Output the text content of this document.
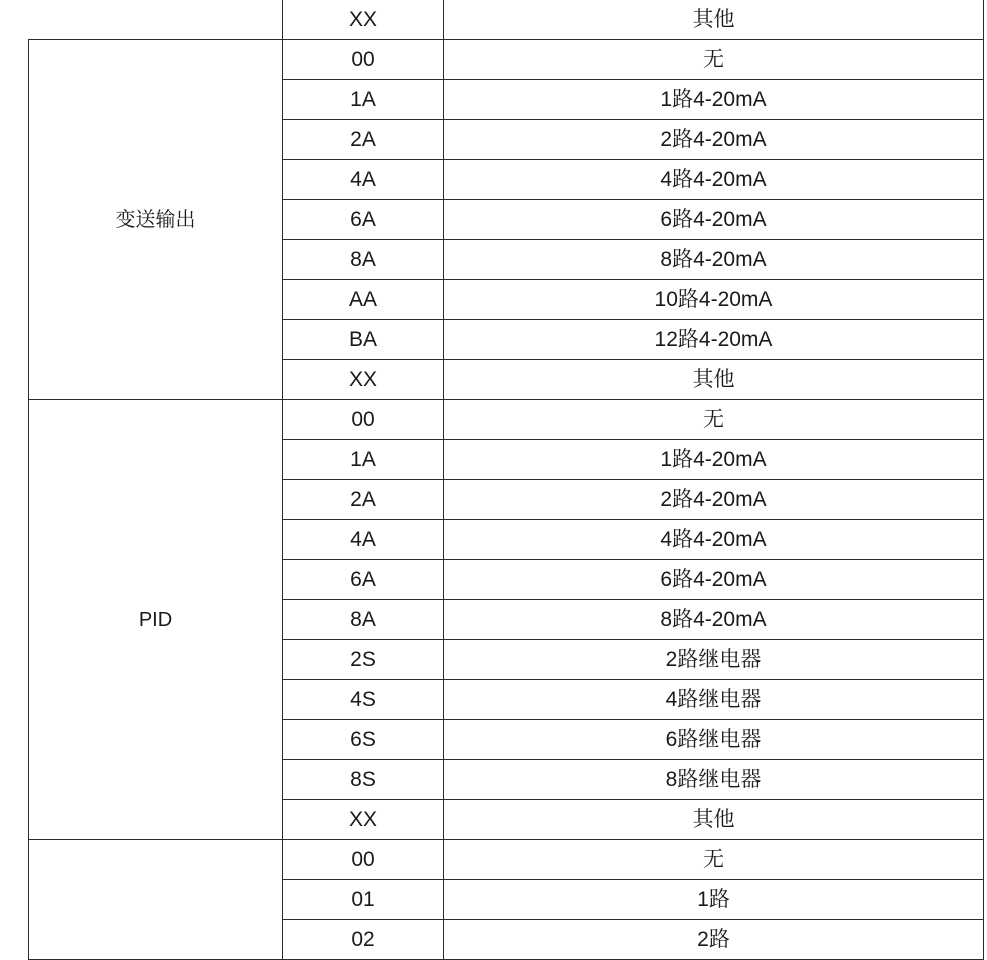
	XX	其他
变送输出	00	无
	1A	1路4-20mA
	2A	2路4-20mA
	4A	4路4-20mA
	6A	6路4-20mA
	8A	8路4-20mA
	AA	10路4-20mA
	BA	12路4-20mA
	XX	其他
PID	00	无
	1A	1路4-20mA
	2A	2路4-20mA
	4A	4路4-20mA
	6A	6路4-20mA
	8A	8路4-20mA
	2S	2路继电器
	4S	4路继电器
	6S	6路继电器
	8S	8路继电器
	XX	其他
	00	无
	01	1路
	02	2路
